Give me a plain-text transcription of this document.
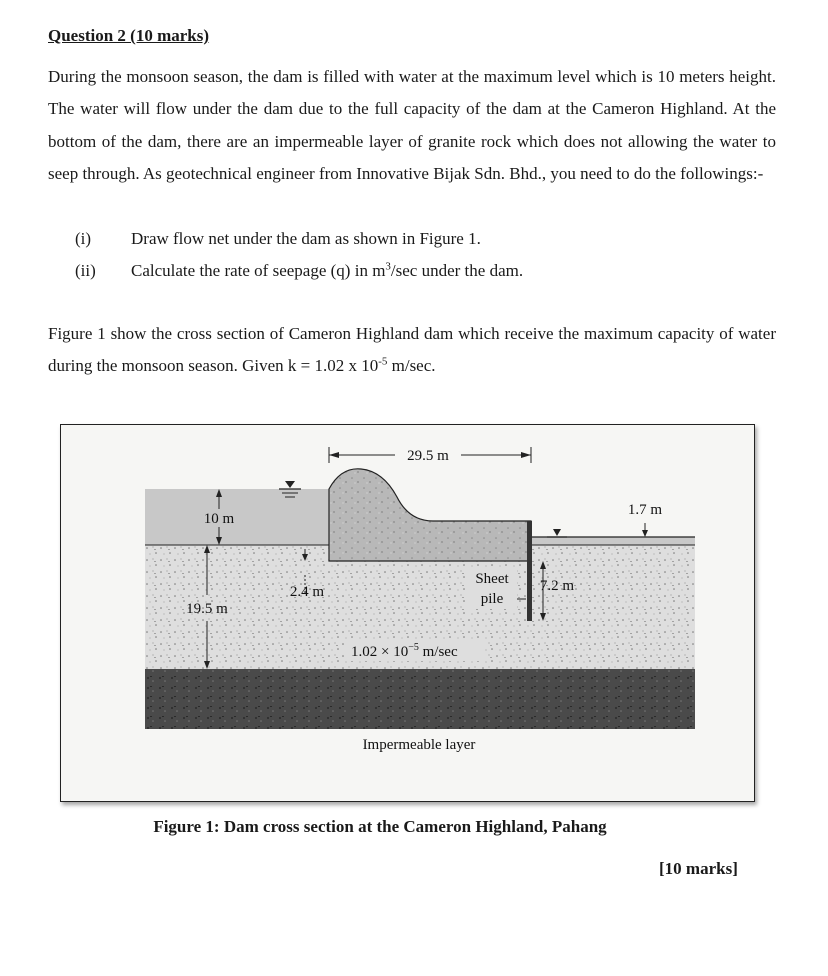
Question 2 (10 marks)

During the monsoon season, the dam is filled with water at the maximum level which is 10 meters height. The water will flow under the dam due to the full capacity of the dam at the Cameron Highland. At the bottom of the dam, there are an impermeable layer of granite rock which does not allowing the water to seep through. As geotechnical engineer from Innovative Bijak Sdn. Bhd., you need to do the followings:-

(i) Draw flow net under the dam as shown in Figure 1.
(ii) Calculate the rate of seepage (q) in $m^3/\sec$ under the dam.

Figure 1 show the cross section of Cameron Highland dam which receive the maximum capacity of water during the monsoon season. Given k = 1.02 x $10^{-5}$ m/sec.

29.5 m
10 m
1.7 m
2.4 m
19.5 m
Sheet
pile
7.2 m
$1.02 \times 10^{-5}$ m/sec
Impermeable layer
Figure 1: Dam cross section at the Cameron Highland, Pahang
[10 marks]
